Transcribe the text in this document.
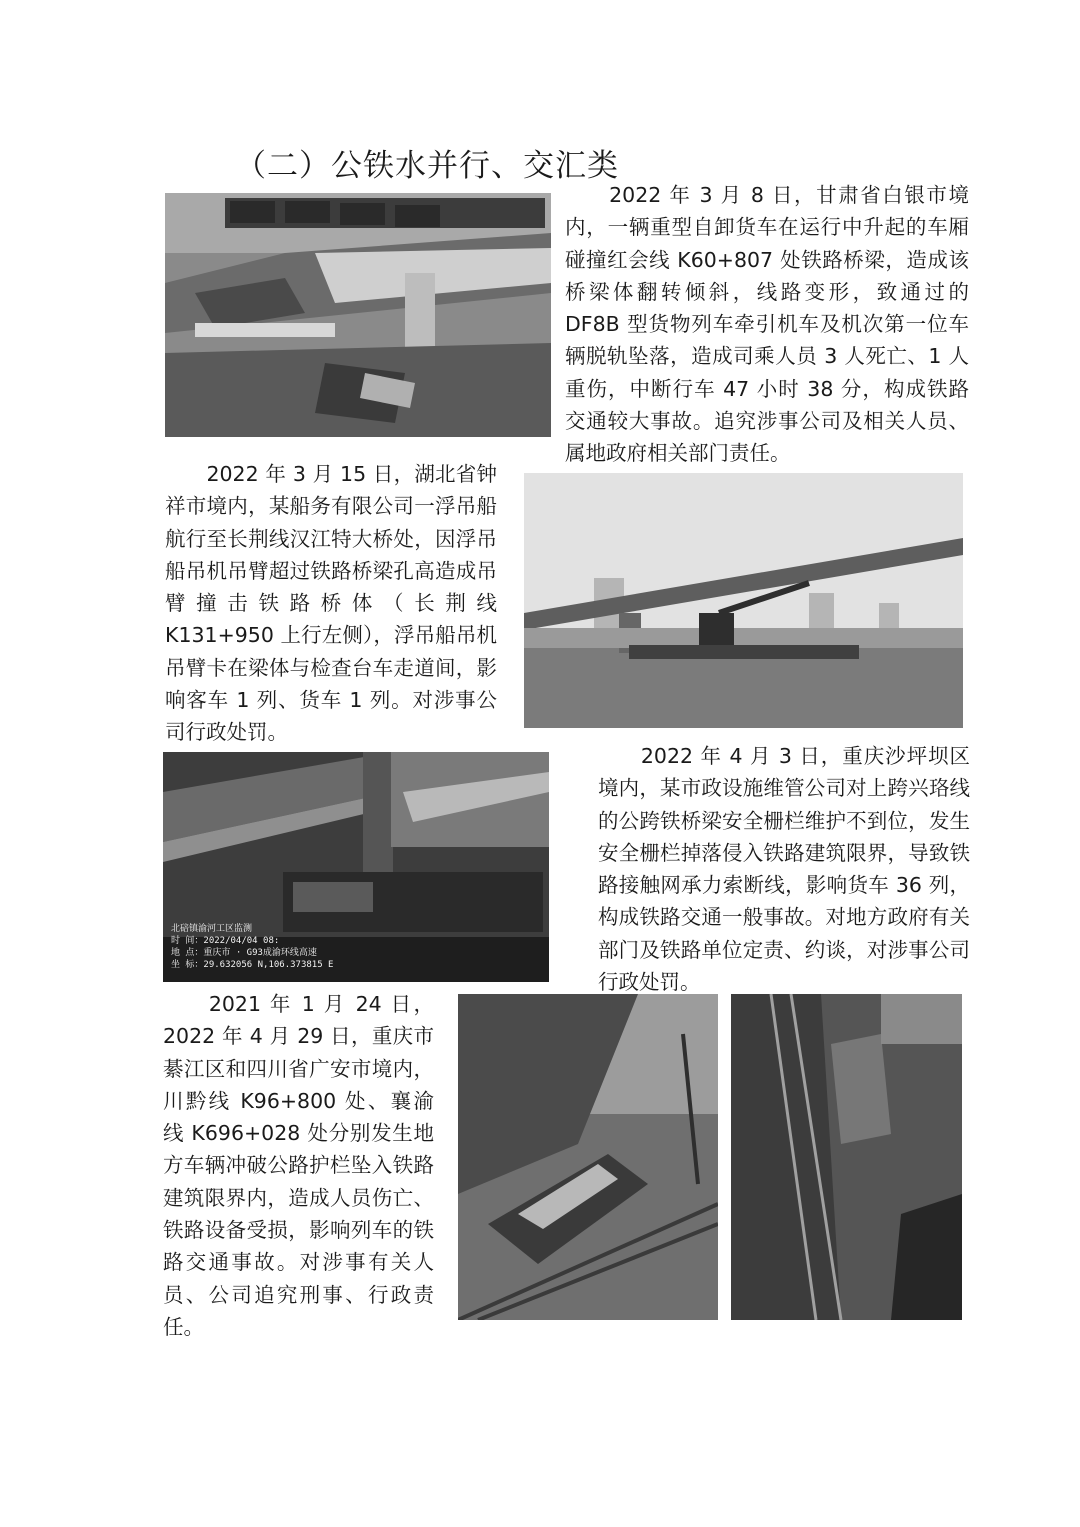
（二）公铁水并行、交汇类

　　2022 年 3 月 8 日，甘肃省白银市境内，一辆重型自卸货车在运行中升起的车厢碰撞红会线 K60+807 处铁路桥梁，造成该桥梁体翻转倾斜，线路变形，致通过的 DF8B 型货物列车牵引机车及机次第一位车辆脱轨坠落，造成司乘人员 3 人死亡、1 人重伤，中断行车 47 小时 38 分，构成铁路交通较大事故。追究涉事公司及相关人员、属地政府相关部门责任。

　　2022 年 3 月 15 日，湖北省钟祥市境内，某船务有限公司一浮吊船航行至长荆线汉江特大桥处，因浮吊船吊机吊臂超过铁路桥梁孔高造成吊臂撞击铁路桥体（长荆线 K131+950 上行左侧），浮吊船吊机吊臂卡在梁体与检查台车走道间，影响客车 1 列、货车 1 列。对涉事公司行政处罚。

北碚镇渝河工区监测
时 间：2022/04/04 08:
地 点：重庆市 · G93成渝环线高速
坐 标：29.632056 N,106.373815 E

　　2022 年 4 月 3 日，重庆沙坪坝区境内，某市政设施维管公司对上跨兴珞线的公跨铁桥梁安全栅栏维护不到位，发生安全栅栏掉落侵入铁路建筑限界，导致铁路接触网承力索断线，影响货车 36 列，构成铁路交通一般事故。对地方政府有关部门及铁路单位定责、约谈，对涉事公司行政处罚。

　　2021 年 1 月 24 日，2022 年 4 月 29 日，重庆市綦江区和四川省广安市境内，川黔线 K96+800 处、襄渝线 K696+028 处分别发生地方车辆冲破公路护栏坠入铁路建筑限界内，造成人员伤亡、铁路设备受损，影响列车的铁路交通事故。对涉事有关人员、公司追究刑事、行政责任。
